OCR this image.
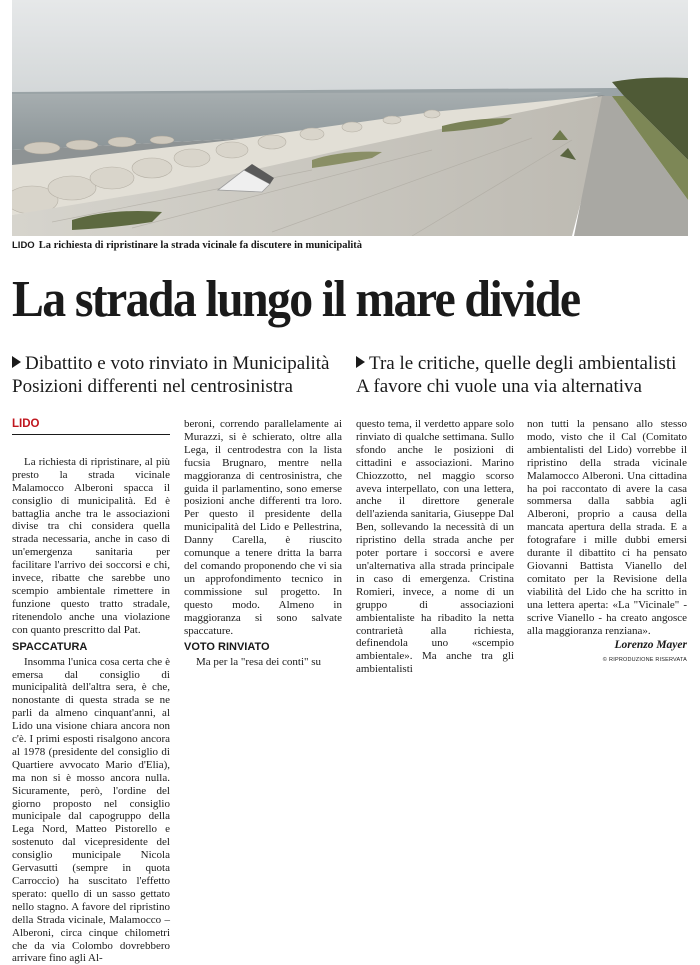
LIDO La richiesta di ripristinare la strada vicinale fa discutere in municipalità
La strada lungo il mare divide
Dibattito e voto rinviato in Municipalità
Posizioni differenti nel centrosinistra
Tra le critiche, quelle degli ambientalisti
A favore chi vuole una via alternativa
LIDO

La richiesta di ripristinare, al più presto la strada vicinale Malamocco Alberoni spacca il consiglio di municipalità. Ed è battaglia anche tra le associazioni divise tra chi considera quella strada necessaria, anche in caso di un'emergenza sanitaria per facilitare l'arrivo dei soccorsi e chi, invece, ribatte che sarebbe uno scempio ambientale rimettere in funzione questo tratto stradale, ritenendolo anche una violazione con quanto prescritto dal Pat.

SPACCATURA

Insomma l'unica cosa certa che è emersa dal consiglio di municipalità dell'altra sera, è che, nonostante di questa strada se ne parli da almeno cinquant'anni, al Lido una visione chiara ancora non c'è. I primi esposti risalgono ancora al 1978 (presidente del consiglio di Quartiere avvocato Mario d'Elia), ma non si è mosso ancora nulla. Sicuramente, però, l'ordine del giorno proposto nel consiglio municipale dal capogruppo della Lega Nord, Matteo Pistorello e sostenuto dal vicepresidente del consiglio municipale Nicola Gervasutti (sempre in quota Carroccio) ha suscitato l'effetto sperato: quello di un sasso gettato nello stagno. A favore del ripristino della Strada vicinale, Malamocco – Alberoni, circa cinque chilometri che da via Colombo dovrebbero arrivare fino agli Al-

beroni, correndo parallelamente ai Murazzi, si è schierato, oltre alla Lega, il centrodestra con la lista fucsia Brugnaro, mentre nella maggioranza di centrosinistra, che guida il parlamentino, sono emerse posizioni anche differenti tra loro. Per questo il presidente della municipalità del Lido e Pellestrina, Danny Carella, è riuscito comunque a tenere dritta la barra del comando proponendo che vi sia un approfondimento tecnico in commissione sul progetto. In questo modo. Almeno in maggioranza si sono salvate spaccature.

VOTO RINVIATO

Ma per la "resa dei conti" su

questo tema, il verdetto appare solo rinviato di qualche settimana. Sullo sfondo anche le posizioni di cittadini e associazioni. Marino Chiozzotto, nel maggio scorso aveva interpellato, con una lettera, anche il direttore generale dell'azienda sanitaria, Giuseppe Dal Ben, sollevando la necessità di un ripristino della strada anche per poter portare i soccorsi e avere un'alternativa alla strada principale in caso di emergenza. Cristina Romieri, invece, a nome di un gruppo di associazioni ambientaliste ha ribadito la netta contrarietà alla richiesta, definendola uno «scempio ambientale». Ma anche tra gli ambientalisti

non tutti la pensano allo stesso modo, visto che il Cal (Comitato ambientalisti del Lido) vorrebbe il ripristino della strada vicinale Malamocco Alberoni. Una cittadina ha poi raccontato di avere la casa sommersa dalla sabbia agli Alberoni, proprio a causa della mancata apertura della strada. E a fotografare i mille dubbi emersi durante il dibattito ci ha pensato Giovanni Battista Vianello del comitato per la Revisione della viabilità del Lido che ha scritto in una lettera aperta: «La "Vicinale" - scrive Vianello - ha creato angosce alla maggioranza renziana».

Lorenzo Mayer
© RIPRODUZIONE RISERVATA
